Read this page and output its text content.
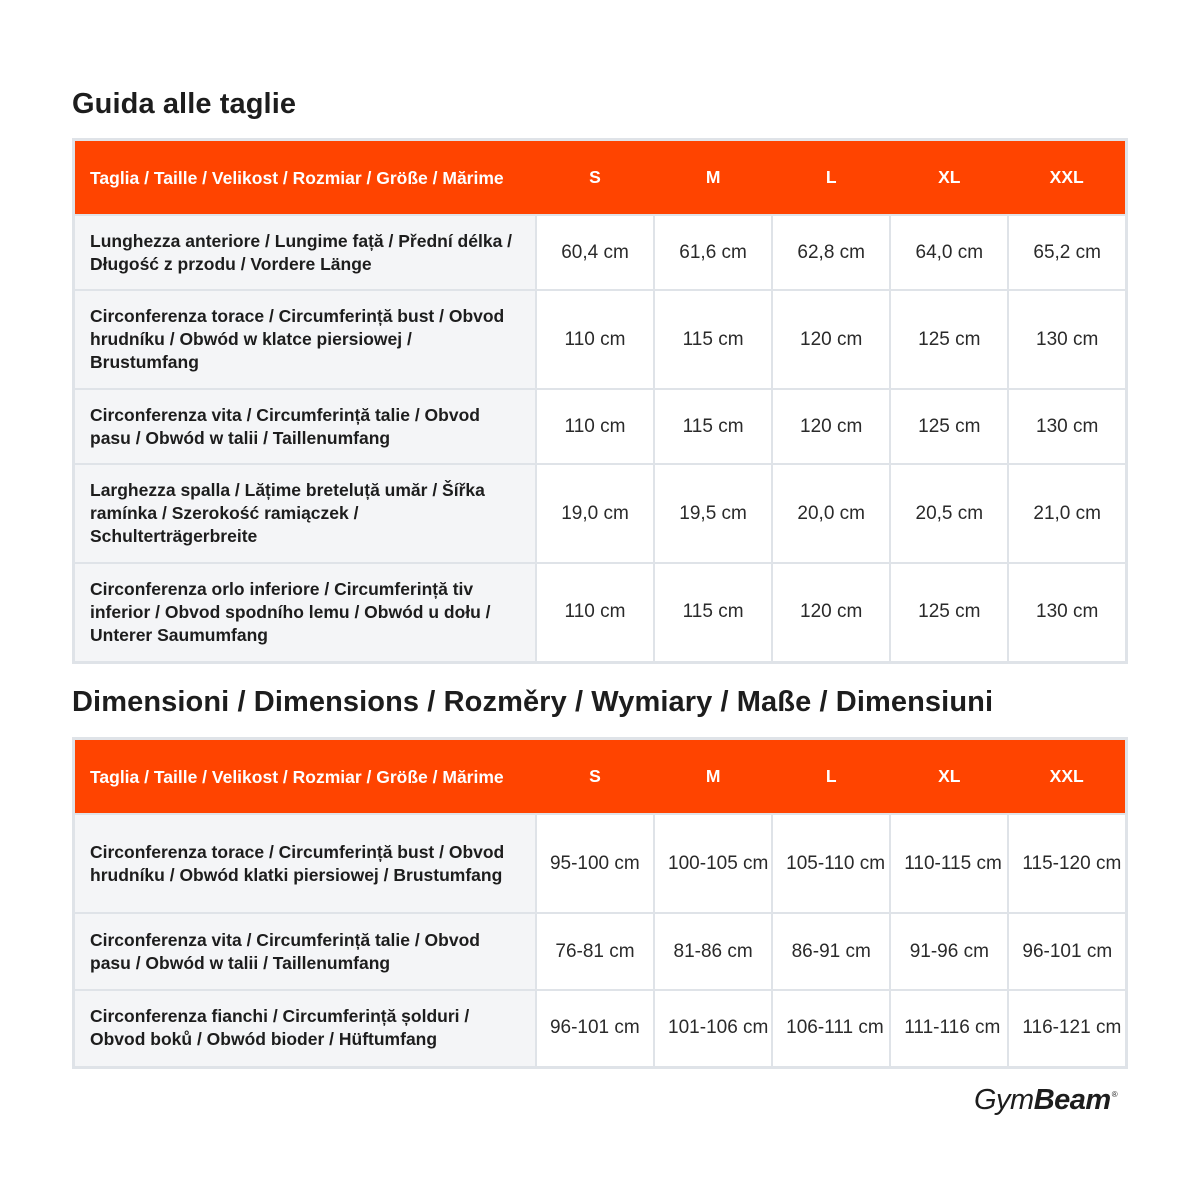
Guida alle taglie
Taglia / Taille / Velikost / Rozmiar / Größe / Mărime	S	M	L	XL	XXL
Lunghezza anteriore / Lungime față / Přední délka / Długość z przodu / Vordere Länge	60,4 cm	61,6 cm	62,8 cm	64,0 cm	65,2 cm
Circonferenza torace / Circumferință bust / Obvod hrudníku / Obwód w klatce piersiowej / Brustumfang	110 cm	115 cm	120 cm	125 cm	130 cm
Circonferenza vita / Circumferință talie / Obvod pasu / Obwód w talii / Taillenumfang	110 cm	115 cm	120 cm	125 cm	130 cm
Larghezza spalla / Lățime breteluță umăr / Šířka ramínka / Szerokość ramiączek / Schulterträgerbreite	19,0 cm	19,5 cm	20,0 cm	20,5 cm	21,0 cm
Circonferenza orlo inferiore / Circumferință tiv inferior / Obvod spodního lemu / Obwód u dołu / Unterer Saumumfang	110 cm	115 cm	120 cm	125 cm	130 cm
Dimensioni / Dimensions / Rozměry / Wymiary / Maße / Dimensiuni
Taglia / Taille / Velikost / Rozmiar / Größe / Mărime	S	M	L	XL	XXL
Circonferenza torace / Circumferință bust / Obvod hrudníku / Obwód klatki piersiowej / Brustumfang	95-100 cm	100-105 cm	105-110 cm	110-115 cm	115-120 cm
Circonferenza vita / Circumferință talie / Obvod pasu / Obwód w talii / Taillenumfang	76-81 cm	81-86 cm	86-91 cm	91-96 cm	96-101 cm
Circonferenza fianchi / Circumferință șolduri / Obvod boků / Obwód bioder / Hüftumfang	96-101 cm	101-106 cm	106-111 cm	111-116 cm	116-121 cm
GymBeam®
